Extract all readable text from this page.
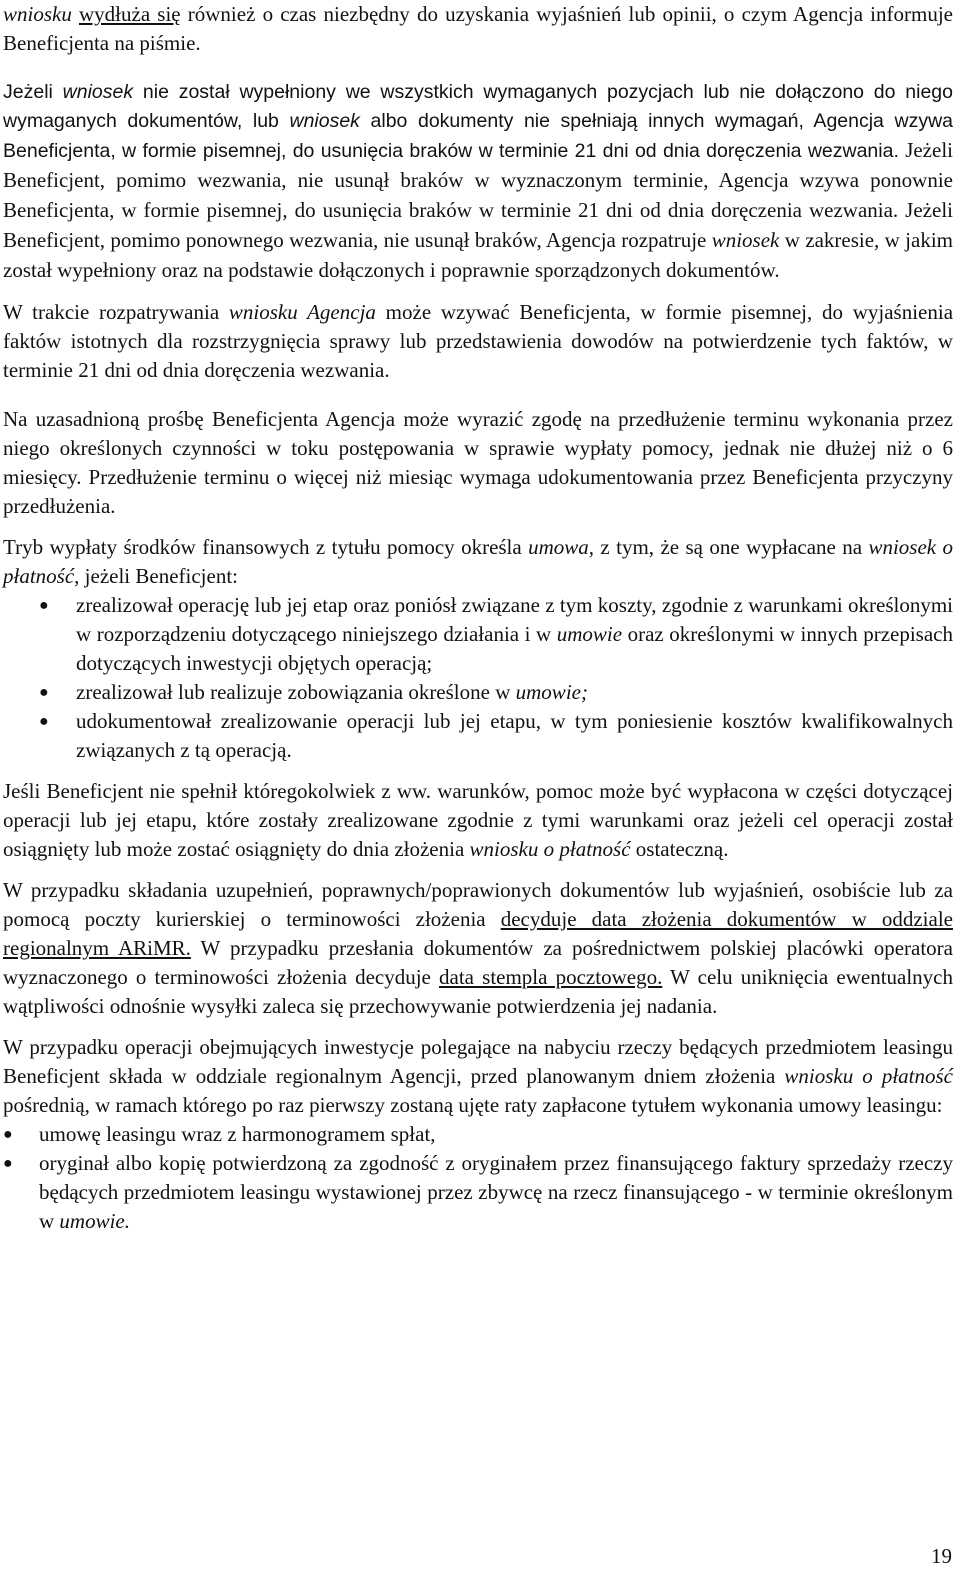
wniosku wydłuża się również o czas niezbędny do uzyskania wyjaśnień lub opinii, o czym Agencja informuje Beneficjenta na piśmie.

Jeżeli wniosek nie został wypełniony we wszystkich wymaganych pozycjach lub nie dołączono do niego wymaganych dokumentów, lub wniosek albo dokumenty nie spełniają innych wymagań, Agencja wzywa Beneficjenta, w formie pisemnej, do usunięcia braków w terminie 21 dni od dnia doręczenia wezwania. Jeżeli Beneficjent, pomimo wezwania, nie usunął braków w wyznaczonym terminie, Agencja wzywa ponownie Beneficjenta, w formie pisemnej, do usunięcia braków w terminie 21 dni od dnia doręczenia wezwania. Jeżeli Beneficjent, pomimo ponownego wezwania, nie usunął braków, Agencja rozpatruje wniosek w zakresie, w jakim został wypełniony oraz na podstawie dołączonych i poprawnie sporządzonych dokumentów.

W trakcie rozpatrywania wniosku Agencja może wzywać Beneficjenta, w formie pisemnej, do wyjaśnienia faktów istotnych dla rozstrzygnięcia sprawy lub przedstawienia dowodów na potwierdzenie tych faktów, w terminie 21 dni od dnia doręczenia wezwania.

Na uzasadnioną prośbę Beneficjenta Agencja może wyrazić zgodę na przedłużenie terminu wykonania przez niego określonych czynności w toku postępowania w sprawie wypłaty pomocy, jednak nie dłużej niż o 6 miesięcy. Przedłużenie terminu o więcej niż miesiąc wymaga udokumentowania przez Beneficjenta przyczyny przedłużenia.

Tryb wypłaty środków finansowych z tytułu pomocy określa umowa, z tym, że są one wypłacane na wniosek o płatność, jeżeli Beneficjent:

● zrealizował operację lub jej etap oraz poniósł związane z tym koszty, zgodnie z warunkami określonymi w rozporządzeniu dotyczącego niniejszego działania i w umowie oraz określonymi w innych przepisach dotyczących inwestycji objętych operacją;
● zrealizował lub realizuje zobowiązania określone w umowie;
● udokumentował zrealizowanie operacji lub jej etapu, w tym poniesienie kosztów kwalifikowalnych związanych z tą operacją.

Jeśli Beneficjent nie spełnił któregokolwiek z ww. warunków, pomoc może być wypłacona w części dotyczącej operacji lub jej etapu, które zostały zrealizowane zgodnie z tymi warunkami oraz jeżeli cel operacji został osiągnięty lub może zostać osiągnięty do dnia złożenia wniosku o płatność ostateczną.

W przypadku składania uzupełnień, poprawnych/poprawionych dokumentów lub wyjaśnień, osobiście lub za pomocą poczty kurierskiej o terminowości złożenia decyduje data złożenia dokumentów w oddziale regionalnym ARiMR. W przypadku przesłania dokumentów za pośrednictwem polskiej placówki operatora wyznaczonego o terminowości złożenia decyduje data stempla pocztowego. W celu uniknięcia ewentualnych wątpliwości odnośnie wysyłki zaleca się przechowywanie potwierdzenia jej nadania.

W przypadku operacji obejmujących inwestycje polegające na nabyciu rzeczy będących przedmiotem leasingu Beneficjent składa w oddziale regionalnym Agencji, przed planowanym dniem złożenia wniosku o płatność pośrednią, w ramach którego po raz pierwszy zostaną ujęte raty zapłacone tytułem wykonania umowy leasingu:

● umowę leasingu wraz z harmonogramem spłat,
● oryginał albo kopię potwierdzoną za zgodność z oryginałem przez finansującego faktury sprzedaży rzeczy będących przedmiotem leasingu wystawionej przez zbywcę na rzecz finansującego - w terminie określonym w umowie.
19
